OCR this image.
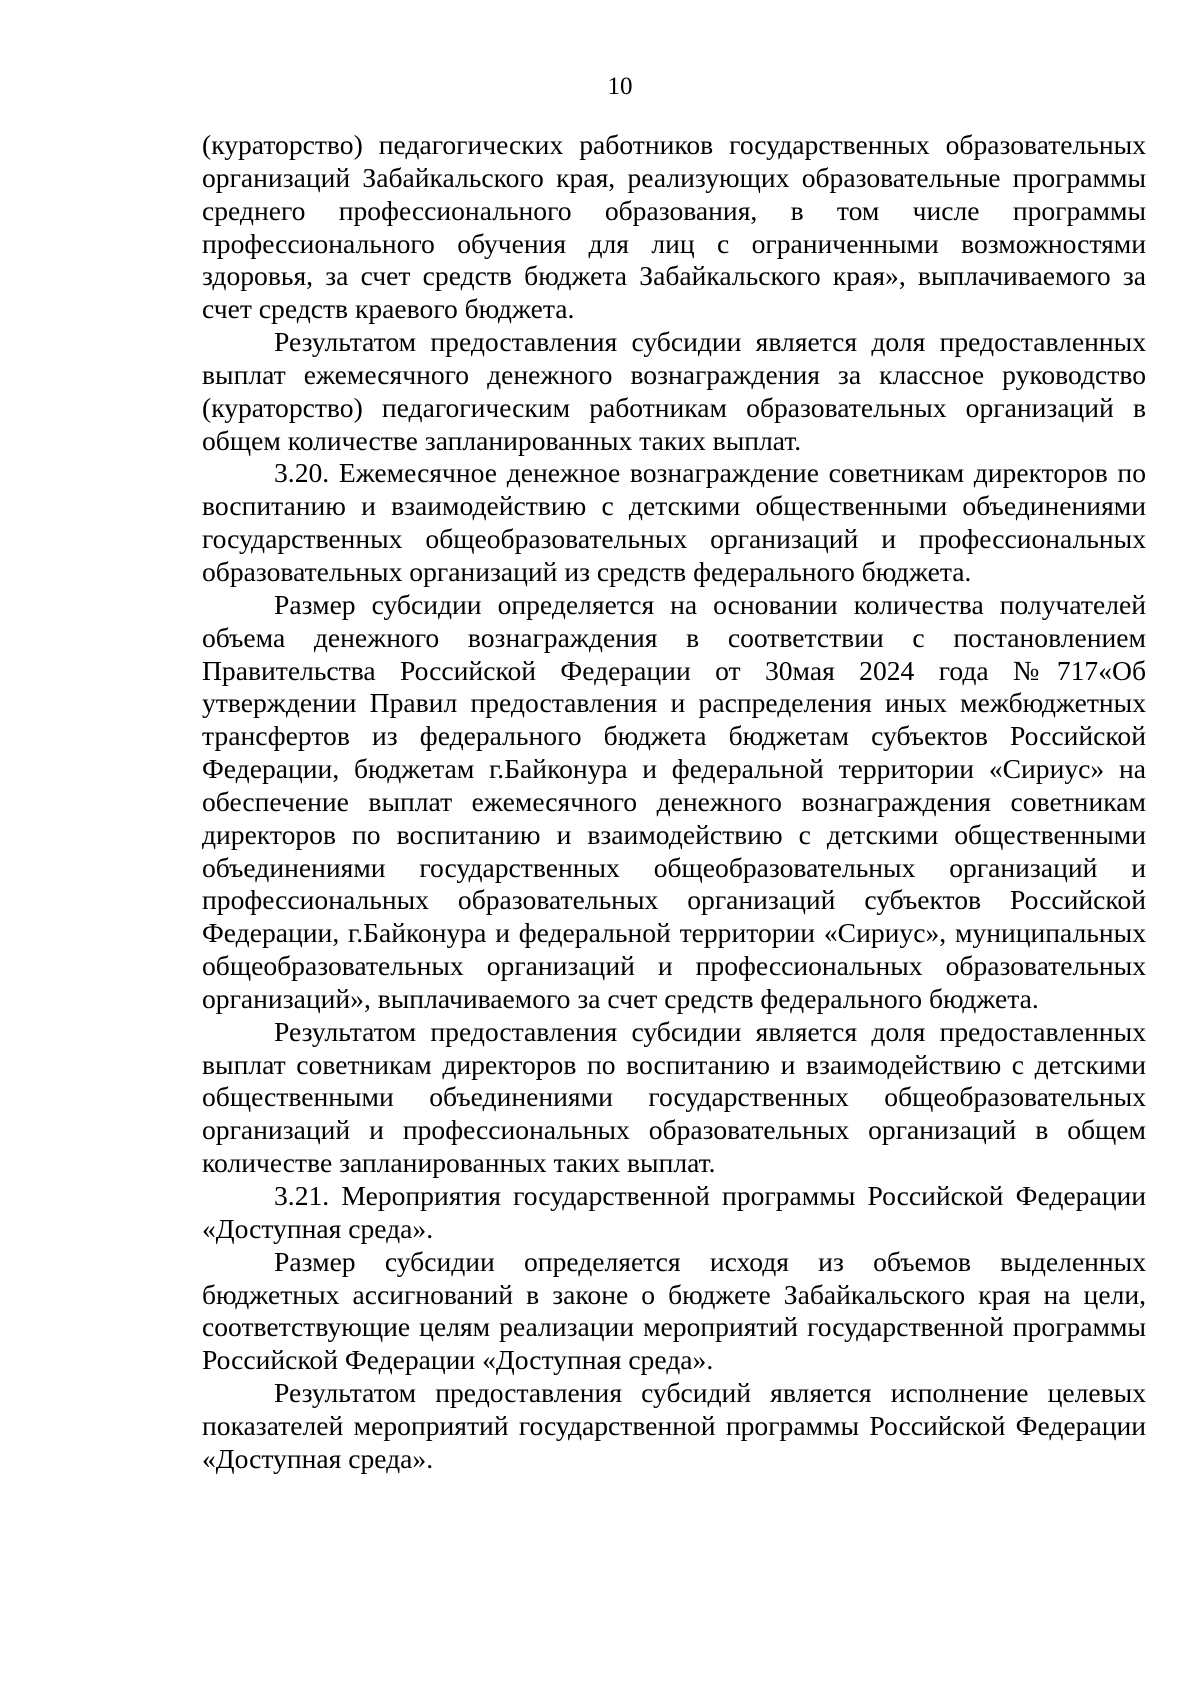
10

(кураторство) педагогических работников государственных образовательных организаций Забайкальского края, реализующих образовательные программы среднего профессионального образования, в том числе программы профессионального обучения для лиц с ограниченными возможностями здоровья, за счет средств бюджета Забайкальского края», выплачиваемого за счет средств краевого бюджета.

Результатом предоставления субсидии является доля предоставленных выплат ежемесячного денежного вознаграждения за классное руководство (кураторство) педагогическим работникам образовательных организаций в общем количестве запланированных таких выплат.

3.20. Ежемесячное денежное вознаграждение советникам директоров по воспитанию и взаимодействию с детскими общественными объединениями государственных общеобразовательных организаций и профессиональных образовательных организаций из средств федерального бюджета.

Размер субсидии определяется на основании количества получателей объема денежного вознаграждения в соответствии с постановлением Правительства Российской Федерации от 30мая 2024 года №717«Об утверждении Правил предоставления и распределения иных межбюджетных трансфертов из федерального бюджета бюджетам субъектов Российской Федерации, бюджетам г.Байконура и федеральной территории «Сириус» на обеспечение выплат ежемесячного денежного вознаграждения советникам директоров по воспитанию и взаимодействию с детскими общественными объединениями государственных общеобразовательных организаций и профессиональных образовательных организаций субъектов Российской Федерации, г.Байконура и федеральной территории «Сириус», муниципальных общеобразовательных организаций и профессиональных образовательных организаций», выплачиваемого за счет средств федерального бюджета.

Результатом предоставления субсидии является доля предоставленных выплат советникам директоров по воспитанию и взаимодействию с детскими общественными объединениями государственных общеобразовательных организаций и профессиональных образовательных организаций в общем количестве запланированных таких выплат.

3.21. Мероприятия государственной программы Российской Федерации «Доступная среда».

Размер субсидии определяется исходя из объемов выделенных бюджетных ассигнований в законе о бюджете Забайкальского края на цели, соответствующие целям реализации мероприятий государственной программы Российской Федерации «Доступная среда».

Результатом предоставления субсидий является исполнение целевых показателей мероприятий государственной программы Российской Федерации «Доступная среда».
